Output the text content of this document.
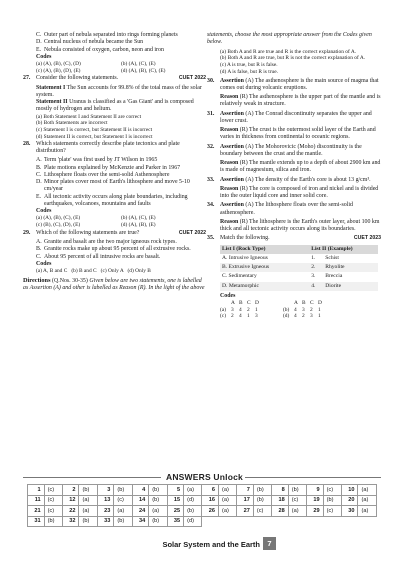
C. Outer part of nebula separated into rings forming planets
D. Central nucleus of nebula became the Sun
E. Nebula consisted of oxygen, carbon, neon and iron
Codes
(a) (A), (B), (C), (D)	(b) (A), (C), (E)
(c) (A), (B), (D), (E)	(d) (A), (B), (C), (E)
27. Consider the following statements.	CUET 2022
Statement I The Sun accounts for 99.8% of the total mass of the solar system.
Statement II Uranus is classified as a 'Gas Giant' and is composed mostly of hydrogen and helium.
(a) Both Statement I and Statement II are correct
(b) Both Statements are incorrect
(c) Statement I is correct, but Statement II is incorrect
(d) Statement II is correct, but Statement I is incorrect
28. Which statements correctly describe plate tectonics and plate distribution?
A. Term 'plate' was first used by JT Wilson in 1965
B. Plate motions explained by McKenzie and Parker in 1967
C. Lithosphere floats over the semi-solid Asthenosphere
D. Minor plates cover most of Earth's lithosphere and move 5-10 cm/year
E. All tectonic activity occurs along plate boundaries, including earthquakes, volcanoes, mountains and faults
Codes
(a) (A), (B), (C), (E)	(b) (A), (C), (E)
(c) (B), (C), (D), (E)	(d) (A), (B), (E)
29. Which of the following statements are true?	CUET 2022
A. Granite and basalt are the two major igneous rock types.
B. Granite rocks make up about 95 percent of all extrusive rocks.
C. About 95 percent of all intrusive rocks are basalt.
Codes
(a) A, B and C   (b) B and C   (c) Only A   (d) Only B
Directions (Q.Nos. 30-35) Given below are two statements, one is labelled as Assertion (A) and other is labelled as Reason (R). In the light of the above
statements, choose the most appropriate answer from the Codes given below.
(a) Both A and R are true and R is the correct explanation of A.
(b) Both A and R are true, but R is not the correct explanation of A.
(c) A is true, but R is false.
(d) A is false, but R is true.
30. Assertion (A) The asthenosphere is the main source of magma that comes out during volcanic eruptions.
Reason (R) The asthenosphere is the upper part of the mantle and is relatively weak in structure.
31. Assertion (A) The Conrad discontinuity separates the upper and lower crust.
Reason (R) The crust is the outermost solid layer of the Earth and varies in thickness from continental to oceanic regions.
32. Assertion (A) The Mohorovicic (Moho) discontinuity is the boundary between the crust and the mantle.
Reason (R) The mantle extends up to a depth of about 2900 km and is made of magnesium, silica and iron.
33. Assertion (A) The density of the Earth's core is about 13 g/cm³.
Reason (R) The core is composed of iron and nickel and is divided into the outer liquid core and inner solid core.
34. Assertion (A) The lithosphere floats over the semi-solid asthenosphere.
Reason (R) The lithosphere is the Earth's outer layer, about 100 km thick and all tectonic activity occurs along its boundaries.
35. Match the following.	CUET 2023
List I (Rock Type)	List II (Example)	
A. Intrusive Igneous	1.	Schist
B. Extrusive Igneous	2.	Rhyolite
C. Sedimentary	3.	Breccia
D. Metamorphic	4.	Diorite
Codes
A B C D	A B C D
(a) 3 4 2 1	(b) 4 3 2 1
(c) 2 4 1 3	(d) 4 2 3 1
ANSWERS Unlock
1	(c)	2	(b)	3	(b)	4	(b)	5	(a)	6	(a)	7	(b)	8	(b)	9	(c)	10	(a)
11	(c)	12	(a)	13	(c)	14	(b)	15	(d)	16	(a)	17	(b)	18	(c)	19	(b)	20	(a)
21	(c)	22	(a)	23	(a)	24	(a)	25	(b)	26	(a)	27	(c)	28	(a)	29	(c)	30	(a)
31	(b)	32	(b)	33	(b)	34	(b)	35	(d)										
Solar System and the Earth 7
